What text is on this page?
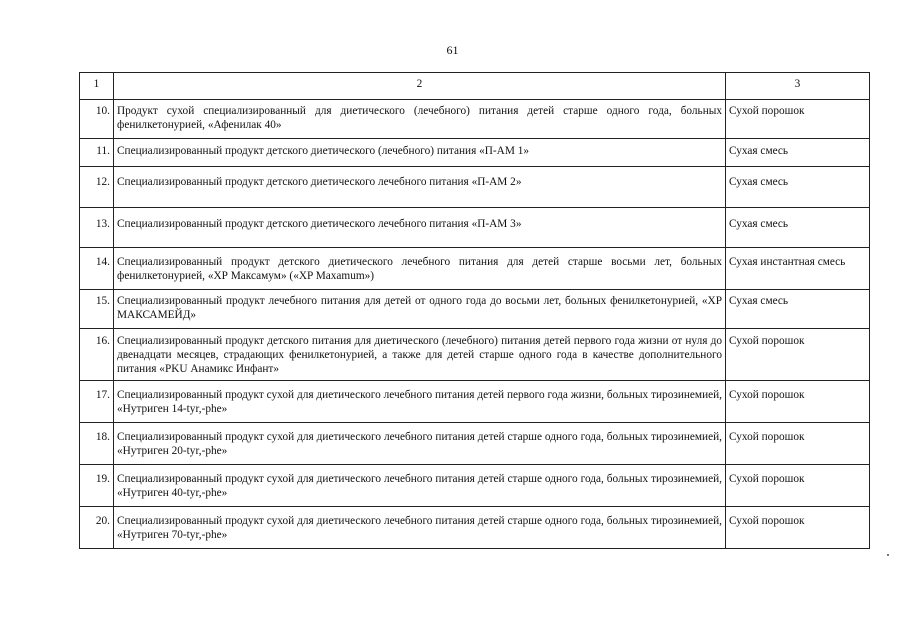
61
1	2	3
10.	Продукт сухой специализированный для диетического (лечебного) питания детей старше одного года, больных фенилкетонурией, «Афенилак 40»	Сухой порошок
11.	Специализированный продукт детского диетического (лечебного) питания «П-АМ 1»	Сухая смесь
12.	Специализированный продукт детского диетического лечебного питания «П-АМ 2»	Сухая смесь
13.	Специализированный продукт детского диетического лечебного питания «П-АМ 3»	Сухая смесь
14.	Специализированный продукт детского диетического лечебного питания для детей старше восьми лет, больных фенилкетонурией, «ХР Максамум» («XP Maxamum»)	Сухая инстантная смесь
15.	Специализированный продукт лечебного питания для детей от одного года до восьми лет, больных фенилкетонурией, «ХР МАКСАМЕЙД»	Сухая смесь
16.	Специализированный продукт детского питания для диетического (лечебного) питания детей первого года жизни от нуля до двенадцати месяцев, страдающих фенилкетонурией, а также для детей старше одного года в качестве дополнительного питания «PKU Анамикс Инфант»	Сухой порошок
17.	Специализированный продукт сухой для диетического лечебного питания детей первого года жизни, больных тирозинемией, «Нутриген 14-tyr,-phe»	Сухой порошок
18.	Специализированный продукт сухой для диетического лечебного питания детей старше одного года, больных тирозинемией, «Нутриген 20-tyr,-phe»	Сухой порошок
19.	Специализированный продукт сухой для диетического лечебного питания детей старше одного года, больных тирозинемией, «Нутриген 40-tyr,-phe»	Сухой порошок
20.	Специализированный продукт сухой для диетического лечебного питания детей старше одного года, больных тирозинемией, «Нутриген 70-tyr,-phe»	Сухой порошок
